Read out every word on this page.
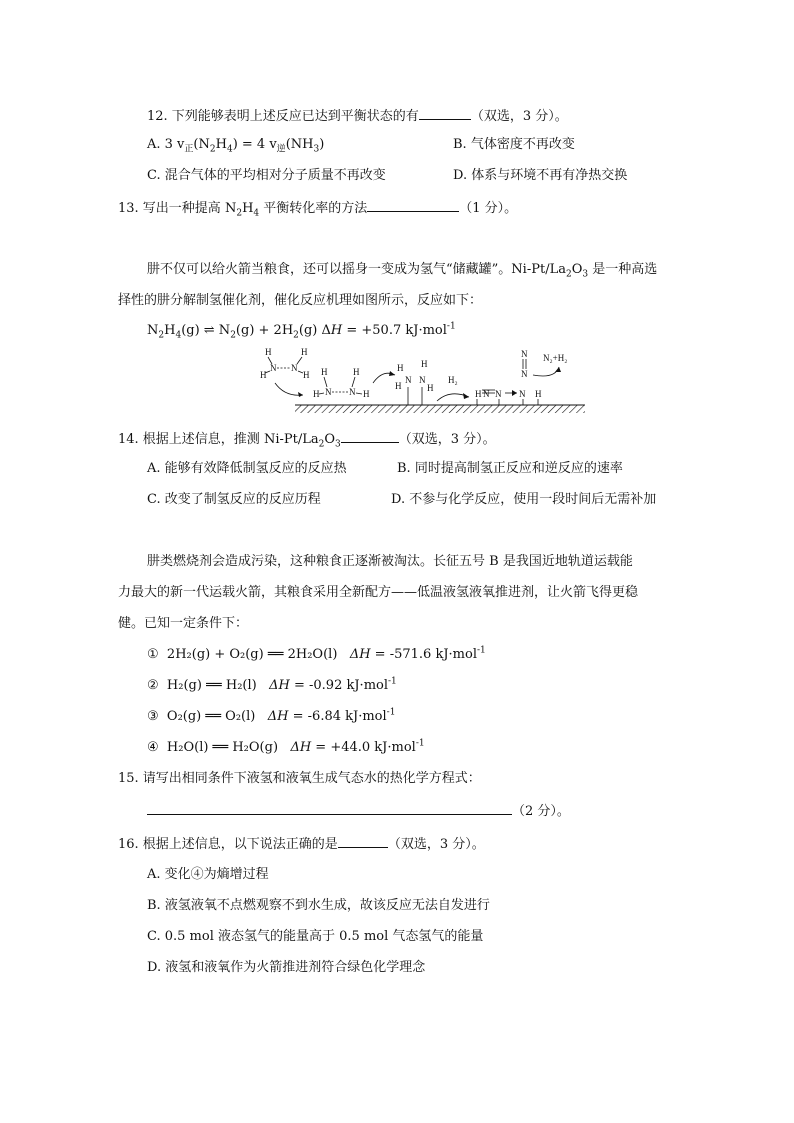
12. 下列能够表明上述反应已达到平衡状态的有	（双选，3 分）。
A. 3 $v_正(N_2H_4) = 4$ $v_逆(NH_3)$	B. 气体密度不再改变
C. 混合气体的平均相对分子质量不再改变	D. 体系与环境不再有净热交换
13. 写出一种提高 $N_2H_4$ 平衡转化率的方法	（1 分）。
肼不仅可以给火箭当粮食，还可以摇身一变成为氢气“储藏罐”。$Ni-Pt/La_2O_3$ 是一种高选
择性的肼分解制氢催化剂，催化反应机理如图所示，反应如下：
$N_2H_4(g)$ ⇌ $N_2(g) + 2H_2(g) \Delta H = +50.7$ kJ·mol$^{-1}$
H	H
N N
H	H H	H
N N
H	H
H H
N N
H	H
H₂
H N N
N
N
N H
N₂+H₂
14. 根据上述信息，推测 $Ni-Pt/La_2O_3$	（双选，3 分）。
A. 能够有效降低制氢反应的反应热	B. 同时提高制氢正反应和逆反应的速率
C. 改变了制氢反应的反应历程	D. 不参与化学反应，使用一段时间后无需补加
肼类燃烧剂会造成污染，这种粮食正逐渐被淘汰。长征五号 B 是我国近地轨道运载能
力最大的新一代运载火箭，其粮食采用全新配方——低温液氢液氧推进剂，让火箭飞得更稳
健。已知一定条件下：
① 2H₂(g) + O₂(g) ══ 2H₂O(l) ΔH = -571.6 kJ·mol$^{-1}$
② H₂(g) ══ H₂(l) ΔH = -0.92 kJ·mol$^{-1}$
③ O₂(g) ══ O₂(l) ΔH = -6.84 kJ·mol$^{-1}$
④ H₂O(l) ══ H₂O(g) ΔH = +44.0 kJ·mol$^{-1}$
15. 请写出相同条件下液氢和液氧生成气态水的热化学方程式：
（2 分）。
16. 根据上述信息，以下说法正确的是	（双选，3 分）。
A. 变化④为熵增过程
B. 液氢液氧不点燃观察不到水生成，故该反应无法自发进行
C. 0.5 mol 液态氢气的能量高于 0.5 mol 气态氢气的能量
D. 液氢和液氧作为火箭推进剂符合绿色化学理念
